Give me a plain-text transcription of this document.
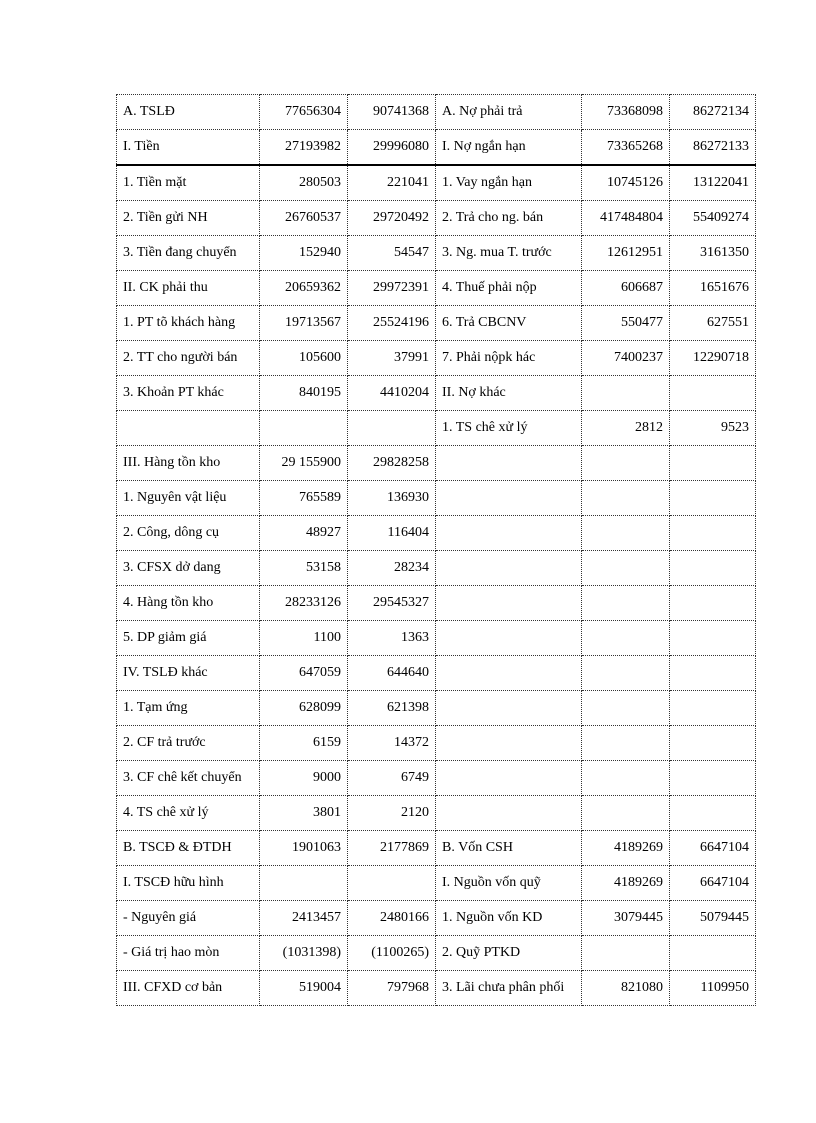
A. TSLĐ	77656304	90741368	A. Nợ phải trả	73368098	86272134
I. Tiền	27193982	29996080	I. Nợ ngắn hạn	73365268	86272133
1. Tiền mặt	280503	221041	1. Vay ngắn hạn	10745126	13122041
2. Tiền gửi NH	26760537	29720492	2. Trả cho ng. bán	417484804	55409274
3. Tiền đang chuyển	152940	54547	3. Ng. mua T. trước	12612951	3161350
II. CK phải thu	20659362	29972391	4. Thuế phải nộp	606687	1651676
1. PT tõ khách hàng	19713567	25524196	6. Trả CBCNV	550477	627551
2. TT cho người bán	105600	37991	7. Phải nộpk hác	7400237	12290718
3. Khoản PT khác	840195	4410204	II. Nợ khác		
			1. TS chê xử lý	2812	9523
III. Hàng tồn kho	29 155900	29828258			
1. Nguyên vật liệu	765589	136930			
2. Công, dông cụ	48927	116404			
3. CFSX dở dang	53158	28234			
4. Hàng tồn kho	28233126	29545327			
5. DP giảm giá	1100	1363			
IV. TSLĐ khác	647059	644640			
1. Tạm ứng	628099	621398			
2. CF trả trước	6159	14372			
3. CF chê kết chuyển	9000	6749			
4. TS chê xử lý	3801	2120			
B. TSCĐ & ĐTDH	1901063	2177869	B. Vốn CSH	4189269	6647104
I. TSCĐ hữu hình			I. Nguồn vốn quỹ	4189269	6647104
- Nguyên giá	2413457	2480166	1. Nguồn vốn KD	3079445	5079445
- Giá trị hao mòn	(1031398)	(1100265)	2. Quỹ PTKD		
III. CFXD cơ bản	519004	797968	3. Lãi chưa phân phối	821080	1109950
